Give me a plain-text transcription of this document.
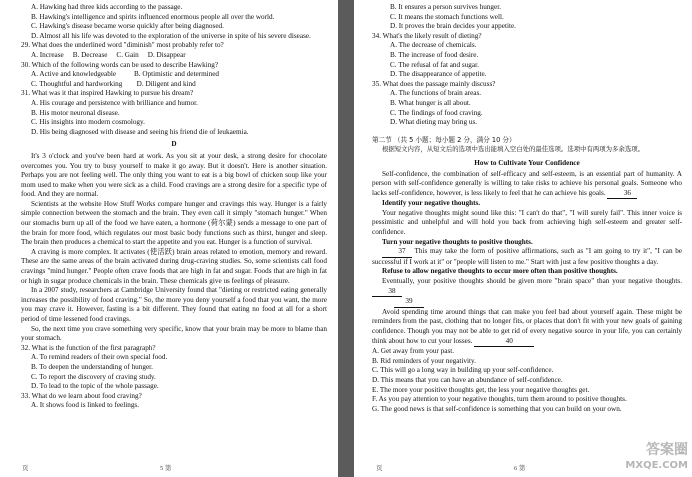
A. Hawking had three kids according to the passage.
B. Hawking's intelligence and spirits influenced enormous people all over the world.
C. Hawking's disease became worse quickly after being diagnosed.
D. Almost all his life was devoted to the exploration of the universe in spite of his severe disease.
29. What does the underlined word "diminish" most probably refer to?
A. Increase     B. Decrease     C. Gain     D. Disappear
30. Which of the following words can be used to describe Hawking?
A. Active and knowledgeable          B. Optimistic and determined
C. Thoughtful and hardworking        D. Diligent and kind
31. What was it that inspired Hawking to pursue his dream?
A. His courage and persistence with brilliance and humor.
B. His motor neuronal disease.
C. His insights into modern cosmology.
D. His being diagnosed with disease and seeing his friend die of leukaemia.
D
It's 3 o'clock and you've been hard at work. As you sit at your desk, a strong desire for chocolate overcomes you. You try to busy yourself to make it go away. But it doesn't. Here is another situation. Perhaps you are not feeling well. The only thing you want to eat is a big bowl of chicken soup like your mom used to make when you were sick as a child. Food cravings are a strong desire for a specific type of food. And they are normal.
Scientists at the website How Stuff Works compare hunger and cravings this way. Hunger is a fairly simple connection between the stomach and the brain. They even call it simply "stomach hunger." When our stomachs burn up all of the food we have eaten, a hormone (荷尔蒙) sends a message to one part of the brain for more food, which regulates our most basic body functions such as thirst, hunger and sleep. The brain then produces a chemical to start the appetite and you eat. Hunger is a function of survival.
A craving is more complex. It activates (使活跃) brain areas related to emotion, memory and reward. These are the same areas of the brain activated during drug-craving studies. So, some scientists call food cravings "mind hunger." People often crave foods that are high in fat and sugar. Foods that are high in fat or high in sugar produce chemicals in the brain. These chemicals give us feelings of pleasure.
In a 2007 study, researchers at Cambridge University found that "dieting or restricted eating generally increases the possibility of food craving." So, the more you deny yourself a food that you want, the more you may crave it. However, fasting is a bit different. They found that eating no food at all for a short period of time lessened food cravings.
So, the next time you crave something very specific, know that your brain may be more to blame than your stomach.
32. What is the function of the first paragraph?
A. To remind readers of their own special food.
B. To deepen the understanding of hunger.
C. To report the discovery of craving study.
D. To lead to the topic of the whole passage.
33. What do we learn about food craving?
A. It shows food is linked to feelings.
页	5 第
B. It ensures a person survives hunger.
C. It means the stomach functions well.
D. It proves the brain decides your appetite.
34. What's the likely result of dieting?
A. The decrease of chemicals.
B. The increase of food desire.
C. The refusal of fat and sugar.
D. The disappearance of appetite.
35. What does the passage mainly discuss?
A. The functions of brain areas.
B. What hunger is all about.
C. The findings of food craving.
D. What dieting may bring us.
第二节 （共 5 小题；每小题 2 分，满分 10 分）
根据短文内容，从短文后的选项中选出能填入空白处的最佳选项。选项中有两项为多余选项。
How to Cultivate Your Confidence
Self-confidence, the combination of self-efficacy and self-esteem, is an essential part of humanity. A person with self-confidence generally is willing to take risks to achieve his personal goals. Someone who lacks self-confidence, however, is less likely to feel that he can achieve his goals.	36
Identify your negative thoughts.
Your negative thoughts might sound like this: "I can't do that", "I will surely fail". This inner voice is pessimistic and unhelpful and will hold you back from achieving high self-esteem and greater self-confidence.
Turn your negative thoughts to positive thoughts.
37 This may take the form of positive affirmations, such as "I am going to try it", "I can be successful if I work at it" or "people will listen to me." Start with just a few positive thoughts a day.
Refuse to allow negative thoughts to occur more often than positive thoughts.
Eventually, your positive thoughts should be given more "brain space" than your negative thoughts. 38
39
Avoid spending time around things that can make you feel bad about yourself again. These might be reminders from the past, clothing that no longer fits, or places that don't fit with your new goals of gaining confidence. Though you may not be able to get rid of every negative source in your life, you can certainly think about how to cut your losses.	40
A. Get away from your past.
B. Rid reminders of your negativity.
C. This will go a long way in building up your self-confidence.
D. This means that you can have an abundance of self-confidence.
E. The more your positive thoughts get, the less your negative thoughts get.
F. As you pay attention to your negative thoughts, turn them around to positive thoughts.
G. The good news is that self-confidence is something that you can build on your own.
页	6 第
答案圈
MXQE.COM
